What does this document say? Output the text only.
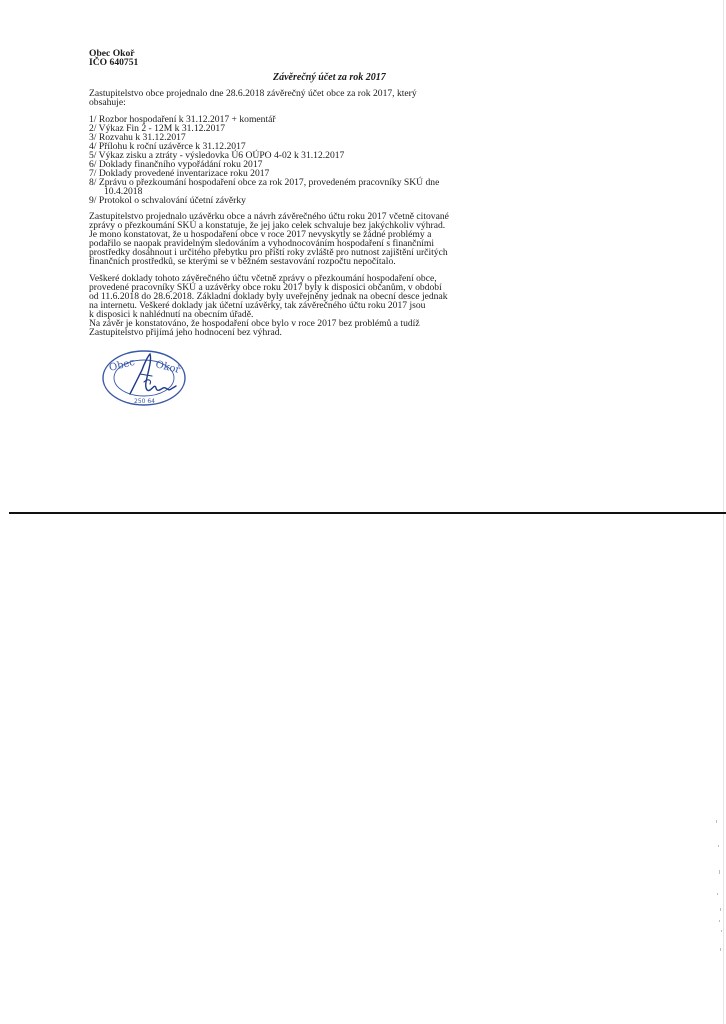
Obec Okoř
IČO 640751
Závěrečný účet za rok 2017
Zastupitelstvo obce projednalo dne 28.6.2018 závěrečný účet obce za rok 2017, který
obsahuje:
1/ Rozbor hospodaření k 31.12.2017 + komentář
2/ Výkaz Fin 2 - 12M k 31.12.2017
3/ Rozvahu k 31.12.2017
4/ Přílohu k roční uzávěrce k 31.12.2017
5/ Výkaz zisku a ztráty - výsledovka Ú6 OÚPO 4-02 k 31.12.2017
6/ Doklady finančního vypořádání roku 2017
7/ Doklady provedené inventarizace roku 2017
8/ Zprávu o přezkoumání hospodaření obce za rok 2017, provedeném pracovníky SKÚ dne
10.4.2018
9/ Protokol o schvalování účetní závěrky
Zastupitelstvo projednalo uzávěrku obce a návrh závěrečného účtu roku 2017 včetně citované
zprávy o přezkoumání SKÚ a konstatuje, že jej jako celek schvaluje bez jakýchkoliv výhrad.
Je mono konstatovat, že u hospodaření obce v roce 2017 nevyskytly se žádné problémy a
podařilo se naopak pravidelným sledováním a vyhodnocováním hospodaření s finančními
prostředky dosáhnout i určitého přebytku pro příští roky zvláště pro nutnost zajištění určitých
finančních prostředků, se kterými se v běžném sestavování rozpočtu nepočítalo.
Veškeré doklady tohoto závěrečného účtu včetně zprávy o přezkoumání hospodaření obce,
provedené pracovníky SKÚ a uzávěrky obce roku 2017 byly k disposici občanům, v období
od 11.6.2018 do 28.6.2018. Základní doklady byly uveřejněny jednak na obecní desce jednak
na internetu. Veškeré doklady jak účetní uzávěrky, tak závěrečného účtu roku 2017 jsou
k disposici k nahlédnutí na obecním úřadě.
Na závěr je konstatováno, že hospodaření obce bylo v roce 2017 bez problémů a tudíž
Zastupitelstvo přijímá jeho hodnocení bez výhrad.
Obec Okoř
250 64
